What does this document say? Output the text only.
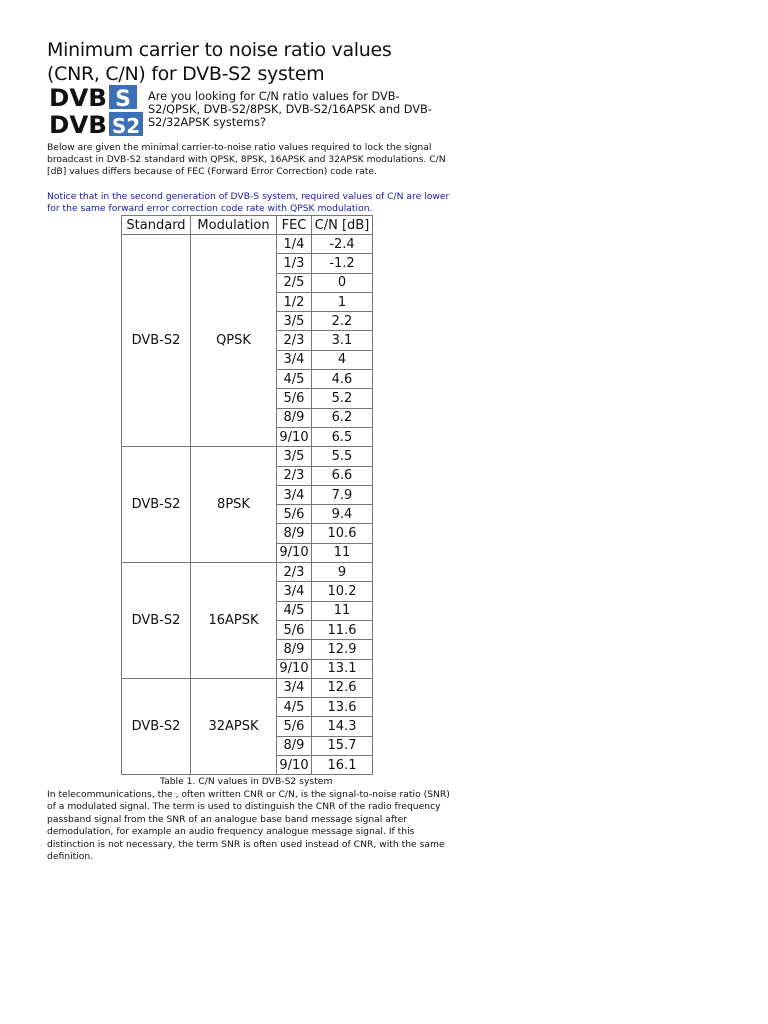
Minimum carrier to noise ratio values (CNR, C/N) for DVB-S2 system
DVB S
DVB S2
Are you looking for C/N ratio values for DVB-S2/QPSK, DVB-S2/8PSK, DVB-S2/16APSK and DVB-S2/32APSK systems?
Below are given the minimal carrier-to-noise ratio values required to lock the signal broadcast in DVB-S2 standard with QPSK, 8PSK, 16APSK and 32APSK modulations. C/N [dB] values differs because of FEC (Forward Error Correction) code rate.
Notice that in the second generation of DVB-S system, required values of C/N are lower for the same forward error correction code rate with QPSK modulation.
Standard	Modulation	FEC	C/N [dB]
DVB-S2	QPSK	1/4	-2.4
		1/3	-1.2
		2/5	0
		1/2	1
		3/5	2.2
		2/3	3.1
		3/4	4
		4/5	4.6
		5/6	5.2
		8/9	6.2
		9/10	6.5
DVB-S2	8PSK	3/5	5.5
		2/3	6.6
		3/4	7.9
		5/6	9.4
		8/9	10.6
		9/10	11
DVB-S2	16APSK	2/3	9
		3/4	10.2
		4/5	11
		5/6	11.6
		8/9	12.9
		9/10	13.1
DVB-S2	32APSK	3/4	12.6
		4/5	13.6
		5/6	14.3
		8/9	15.7
		9/10	16.1
Table 1. C/N values in DVB-S2 system
In telecommunications, the , often written CNR or C/N, is the signal-to-noise ratio (SNR) of a modulated signal. The term is used to distinguish the CNR of the radio frequency passband signal from the SNR of an analogue base band message signal after demodulation, for example an audio frequency analogue message signal. If this distinction is not necessary, the term SNR is often used instead of CNR, with the same definition.
